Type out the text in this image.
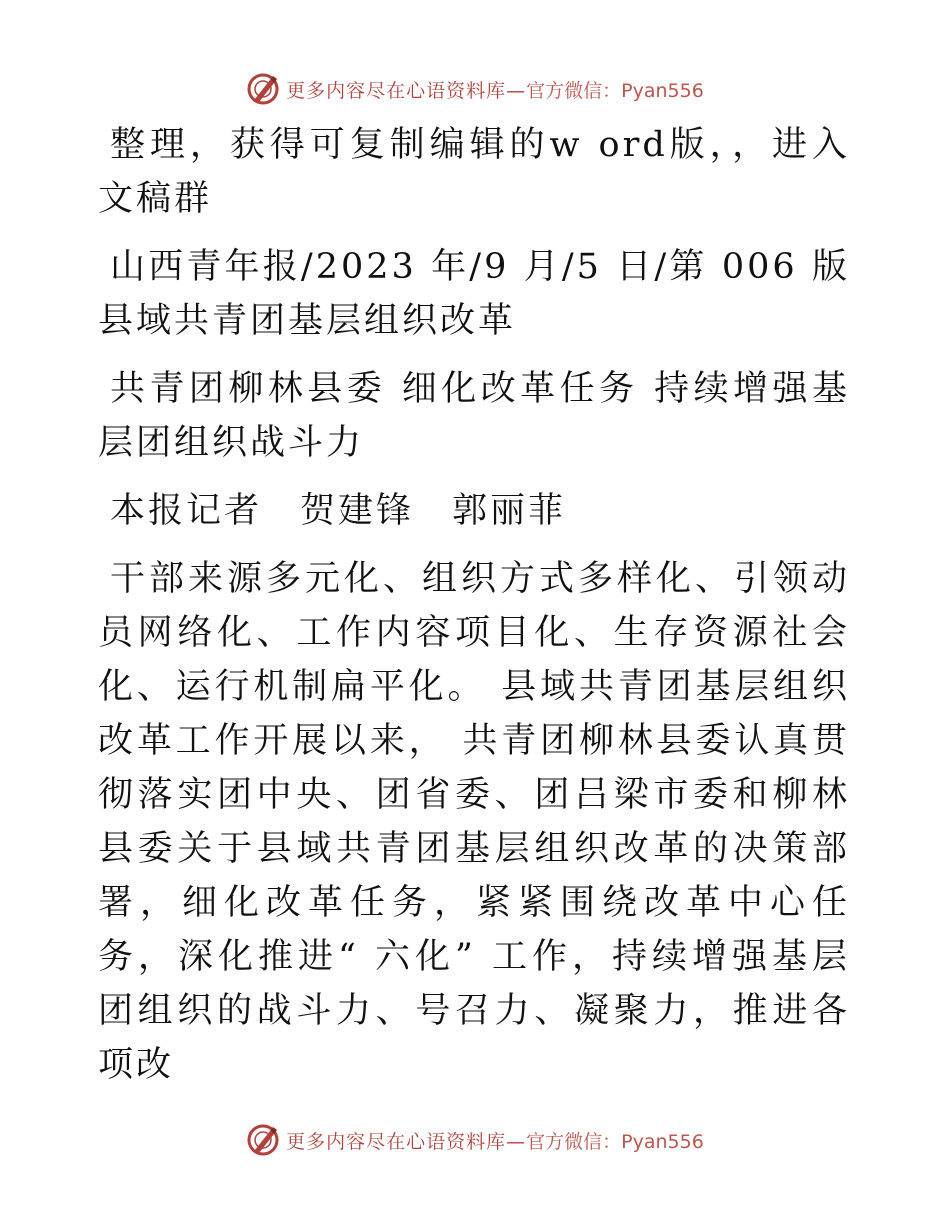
更多内容尽在心语资料库— 官方微信：Pyan556

整理，获得可复制编辑的w ord版，，进入文稿群

山西青年报/2023 年/9 月/5 日/第 006 版县域共青团基层组织改革

共青团柳林县委 细化改革任务 持续增强基层团组织战斗力

本报记者　贺建锋　郭丽菲

干部来源多元化、组织方式多样化、引领动员网络化、工作内容项目化、生存资源社会化、运行机制扁平化。 县域共青团基层组织改革工作开展以来， 共青团柳林县委认真贯彻落实团中央、团省委、团吕梁市委和柳林县委关于县域共青团基层组织改革的决策部署，细化改革任务，紧紧围绕改革中心任务，深化推进“ 六化” 工作，持续增强基层团组织的战斗力、号召力、凝聚力，推进各项改

更多内容尽在心语资料库— 官方微信：Pyan556
